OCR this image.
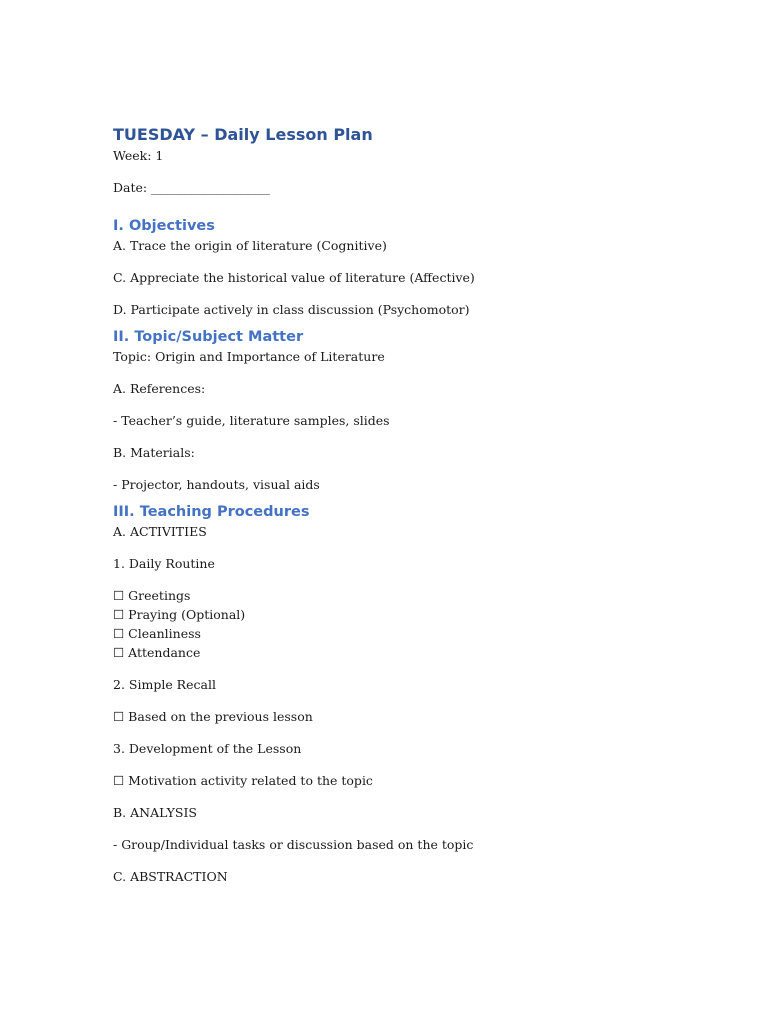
TUESDAY – Daily Lesson Plan

Week: 1

Date: ___________________

I. Objectives

A. Trace the origin of literature (Cognitive)

C. Appreciate the historical value of literature (Affective)

D. Participate actively in class discussion (Psychomotor)

II. Topic/Subject Matter

Topic: Origin and Importance of Literature

A. References:

- Teacher’s guide, literature samples, slides

B. Materials:

- Projector, handouts, visual aids

III. Teaching Procedures

A. ACTIVITIES

1. Daily Routine

☐ Greetings

☐ Praying (Optional)

☐ Cleanliness

☐ Attendance

2. Simple Recall

☐ Based on the previous lesson

3. Development of the Lesson

☐ Motivation activity related to the topic

B. ANALYSIS

- Group/Individual tasks or discussion based on the topic

C. ABSTRACTION
